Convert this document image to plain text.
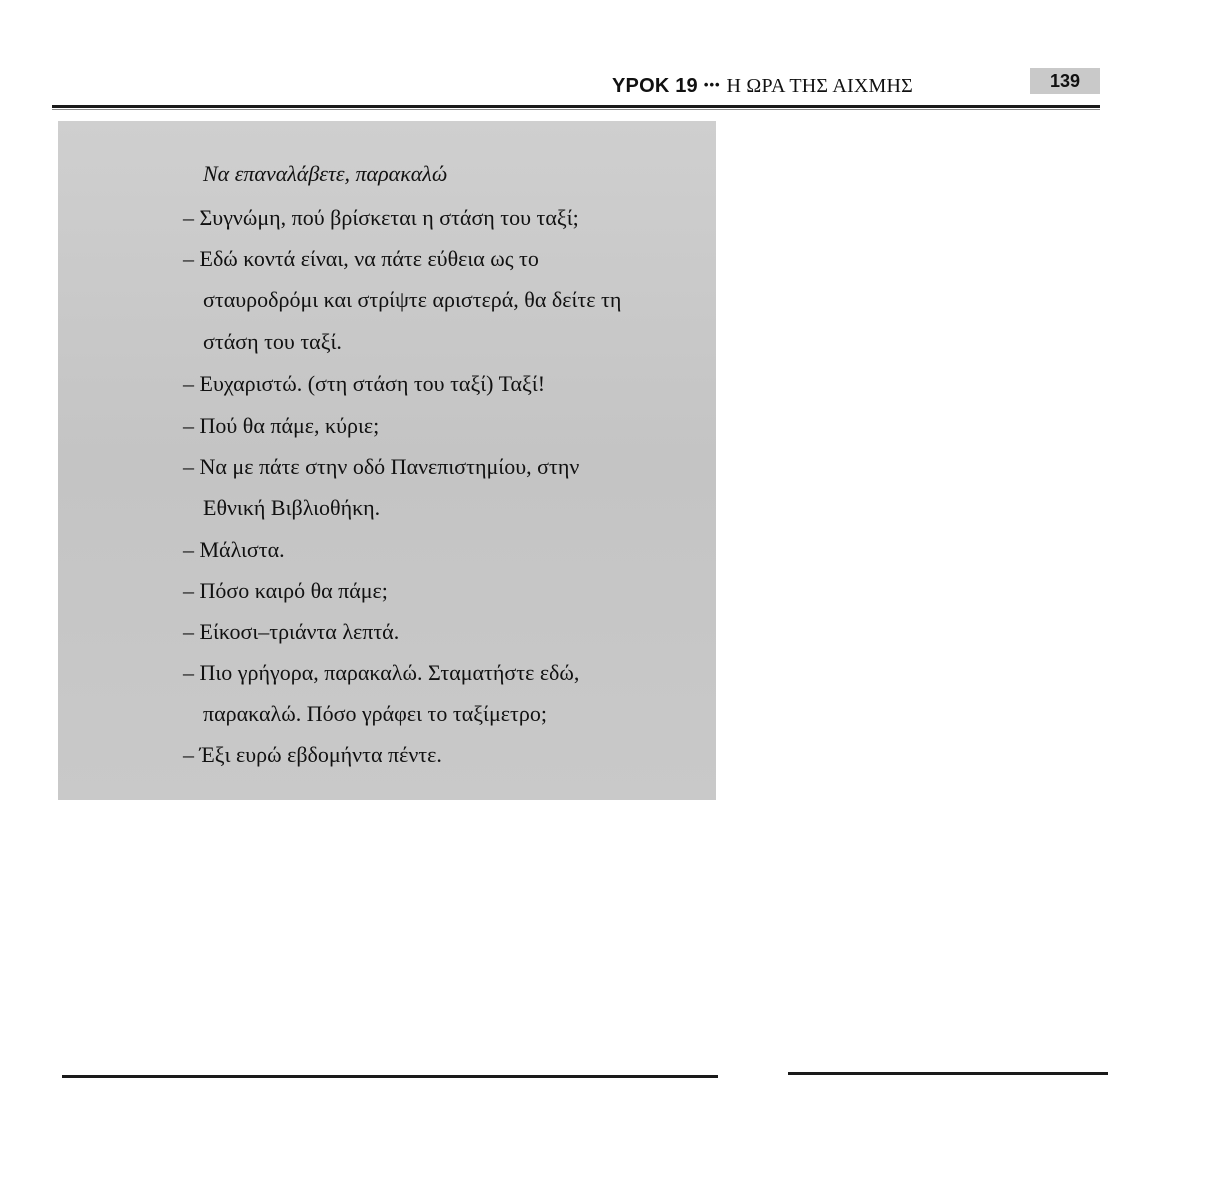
ΥΡΟΚ 19 ••• Η ΩΡΑ ΤΗΣ ΑΙΧΜΗΣ	139
Να επαναλάβετε, παρακαλώ
– Συγνώμη, πού βρίσκεται η στάση του ταξί;
– Εδώ κοντά είναι, να πάτε εύθεια ως το
σταυροδρόμι και στρίψτε αριστερά, θα δείτε τη
στάση του ταξί.
– Ευχαριστώ. (στη στάση του ταξί) Ταξί!
– Πού θα πάμε, κύριε;
– Να με πάτε στην οδό Πανεπιστημίου, στην
Εθνική Βιβλιοθήκη.
– Μάλιστα.
– Πόσο καιρό θα πάμε;
– Είκοσι–τριάντα λεπτά.
– Πιο γρήγορα, παρακαλώ. Σταματήστε εδώ,
παρακαλώ. Πόσο γράφει το ταξίμετρο;
– Έξι ευρώ εβδομήντα πέντε.
